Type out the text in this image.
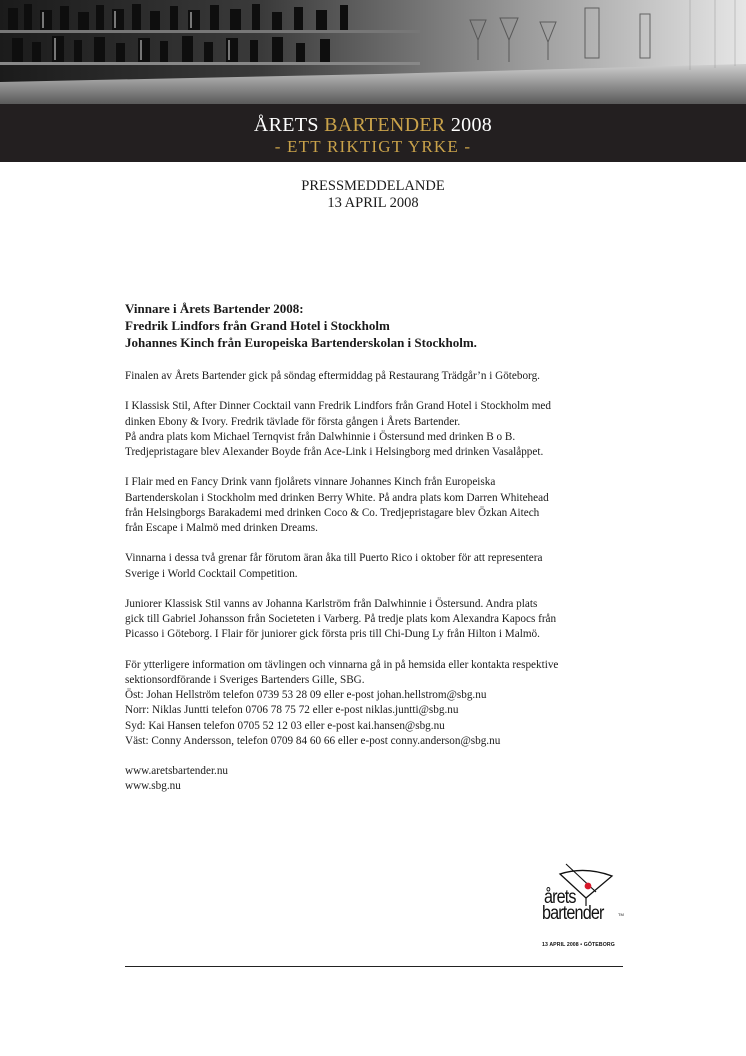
ÅRETS BARTENDER 2008
- ETT RIKTIGT YRKE -
PRESSMEDDELANDE
13 APRIL 2008
Vinnare i Årets Bartender 2008:
Fredrik Lindfors från Grand Hotel i Stockholm
Johannes Kinch från Europeiska Bartenderskolan i Stockholm.

Finalen av Årets Bartender gick på söndag eftermiddag på Restaurang Trädgår’n i Göteborg.

I Klassisk Stil, After Dinner Cocktail vann Fredrik Lindfors från Grand Hotel i Stockholm med
dinken Ebony & Ivory. Fredrik tävlade för första gången i Årets Bartender.
På andra plats kom Michael Ternqvist från Dalwhinnie i Östersund med drinken B o B.
Tredjepristagare blev Alexander Boyde från Ace-Link i Helsingborg med drinken Vasalåppet.

I Flair med en Fancy Drink vann fjolårets vinnare Johannes Kinch från Europeiska
Bartenderskolan i Stockholm med drinken Berry White. På andra plats kom Darren Whitehead
från Helsingborgs Barakademi med drinken Coco & Co. Tredjepristagare blev Özkan Aitech
från Escape i Malmö med drinken Dreams.

Vinnarna i dessa två grenar får förutom äran åka till Puerto Rico i oktober för att representera
Sverige i World Cocktail Competition.

Juniorer Klassisk Stil vanns av Johanna Karlström från Dalwhinnie i Östersund. Andra plats
gick till Gabriel Johansson från Societeten i Varberg. På tredje plats kom Alexandra Kapocs från
Picasso i Göteborg. I Flair för juniorer gick första pris till Chi-Dung Ly från Hilton i Malmö.

För ytterligere information om tävlingen och vinnarna gå in på hemsida eller kontakta respektive
sektionsordförande i Sveriges Bartenders Gille, SBG.
Öst: Johan Hellström telefon 0739 53 28 09 eller e-post johan.hellstrom@sbg.nu
Norr: Niklas Juntti telefon 0706 78 75 72 eller e-post niklas.juntti@sbg.nu
Syd: Kai Hansen telefon 0705 52 12 03 eller e-post kai.hansen@sbg.nu
Väst: Conny Andersson, telefon 0709 84 60 66 eller e-post conny.anderson@sbg.nu

www.aretsbartender.nu
www.sbg.nu

årets
bartender	TM
13 APRIL 2008 • GÖTEBORG
